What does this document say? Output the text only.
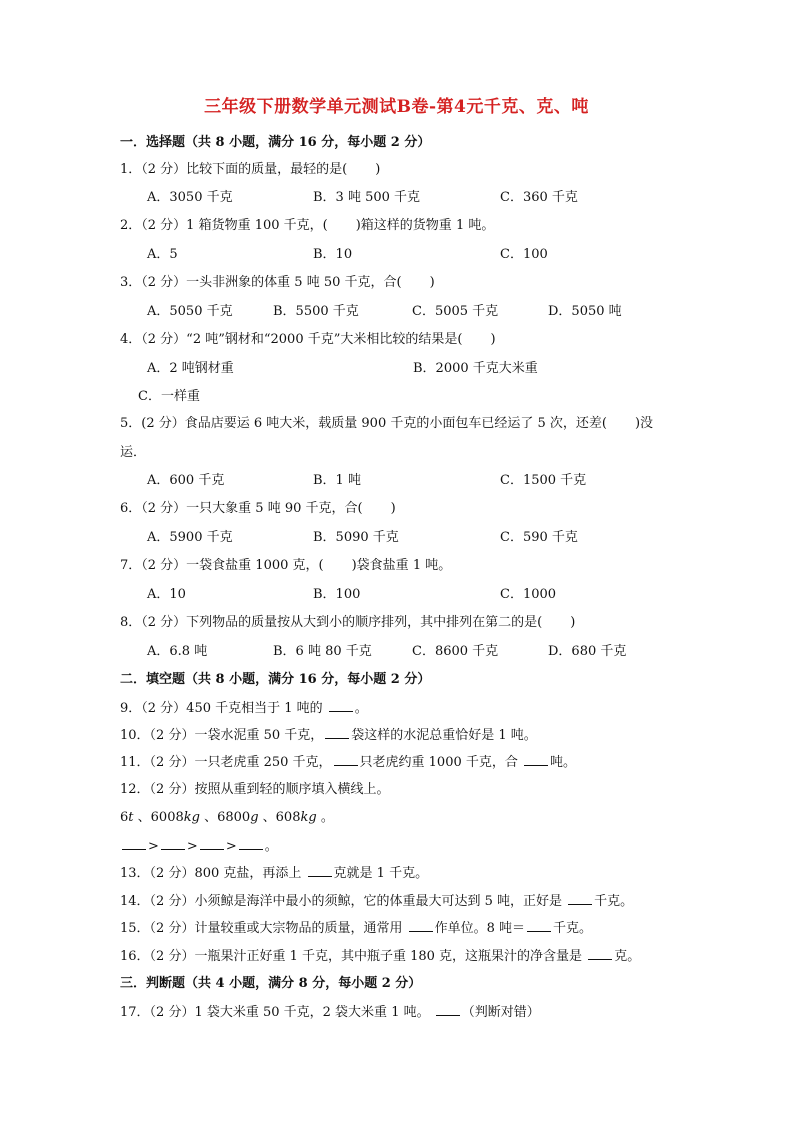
三年级下册数学单元测试B卷-第4元千克、克、吨
一．选择题（共 8 小题，满分 16 分，每小题 2 分）
1．（2 分）比较下面的质量，最轻的是( )
A．3050 千克	B．3 吨 500 千克	C．360 千克
2．（2 分）1 箱货物重 100 千克，( )箱这样的货物重 1 吨。
A．5	B．10	C．100
3．（2 分）一头非洲象的体重 5 吨 50 千克，合( )
A．5050 千克	B．5500 千克	C．5005 千克	D．5050 吨
4．（2 分）“2 吨”钢材和“2000 千克”大米相比较的结果是( )
A．2 吨钢材重	B．2000 千克大米重
C．一样重
5．(2 分）食品店要运 6 吨大米，载质量 900 千克的小面包车已经运了 5 次，还差( )没
运．
A．600 千克	B．1 吨	C．1500 千克
6．（2 分）一只大象重 5 吨 90 千克，合( )
A．5900 千克	B．5090 千克	C．590 千克
7．（2 分）一袋食盐重 1000 克，( )袋食盐重 1 吨。
A．10	B．100	C．1000
8．（2 分）下列物品的质量按从大到小的顺序排列，其中排列在第二的是( )
A．6.8 吨	B．6 吨 80 千克	C．8600 千克	D．680 千克
二．填空题（共 8 小题，满分 16 分，每小题 2 分）
9．（2 分）450 千克相当于 1 吨的 。
10．（2 分）一袋水泥重 50 千克， 袋这样的水泥总重恰好是 1 吨。
11．（2 分）一只老虎重 250 千克， 只老虎约重 1000 千克，合 吨。
12．（2 分）按照从重到轻的顺序填入横线上。
6t 、6008kg 、6800g 、608kg 。
> > > 。
13．（2 分）800 克盐，再添上 克就是 1 千克。
14．（2 分）小须鲸是海洋中最小的须鲸，它的体重最大可达到 5 吨，正好是 千克。
15．（2 分）计量较重或大宗物品的质量，通常用 作单位。8 吨＝ 千克。
16．（2 分）一瓶果汁正好重 1 千克，其中瓶子重 180 克，这瓶果汁的净含量是 克。
三．判断题（共 4 小题，满分 8 分，每小题 2 分）
17．（2 分）1 袋大米重 50 千克，2 袋大米重 1 吨。 （判断对错）
